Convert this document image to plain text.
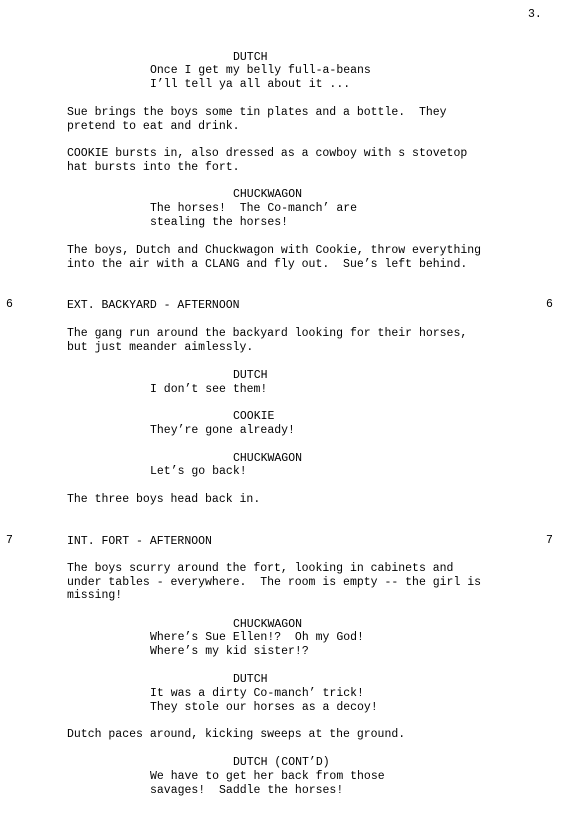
3.
DUTCH
Once I get my belly full-a-beans
I’ll tell ya all about it ...
Sue brings the boys some tin plates and a bottle.  They
pretend to eat and drink.
COOKIE bursts in, also dressed as a cowboy with s stovetop
hat bursts into the fort.
CHUCKWAGON
The horses!  The Co-manch’ are
stealing the horses!
The boys, Dutch and Chuckwagon with Cookie, throw everything
into the air with a CLANG and fly out.  Sue’s left behind.
6	EXT. BACKYARD - AFTERNOON	6
The gang run around the backyard looking for their horses,
but just meander aimlessly.
DUTCH
I don’t see them!
COOKIE
They’re gone already!
CHUCKWAGON
Let’s go back!
The three boys head back in.
7	INT. FORT - AFTERNOON	7
The boys scurry around the fort, looking in cabinets and
under tables - everywhere.  The room is empty -- the girl is
missing!
CHUCKWAGON
Where’s Sue Ellen!?  Oh my God!
Where’s my kid sister!?
DUTCH
It was a dirty Co-manch’ trick!
They stole our horses as a decoy!
Dutch paces around, kicking sweeps at the ground.
DUTCH (CONT’D)
We have to get her back from those
savages!  Saddle the horses!
